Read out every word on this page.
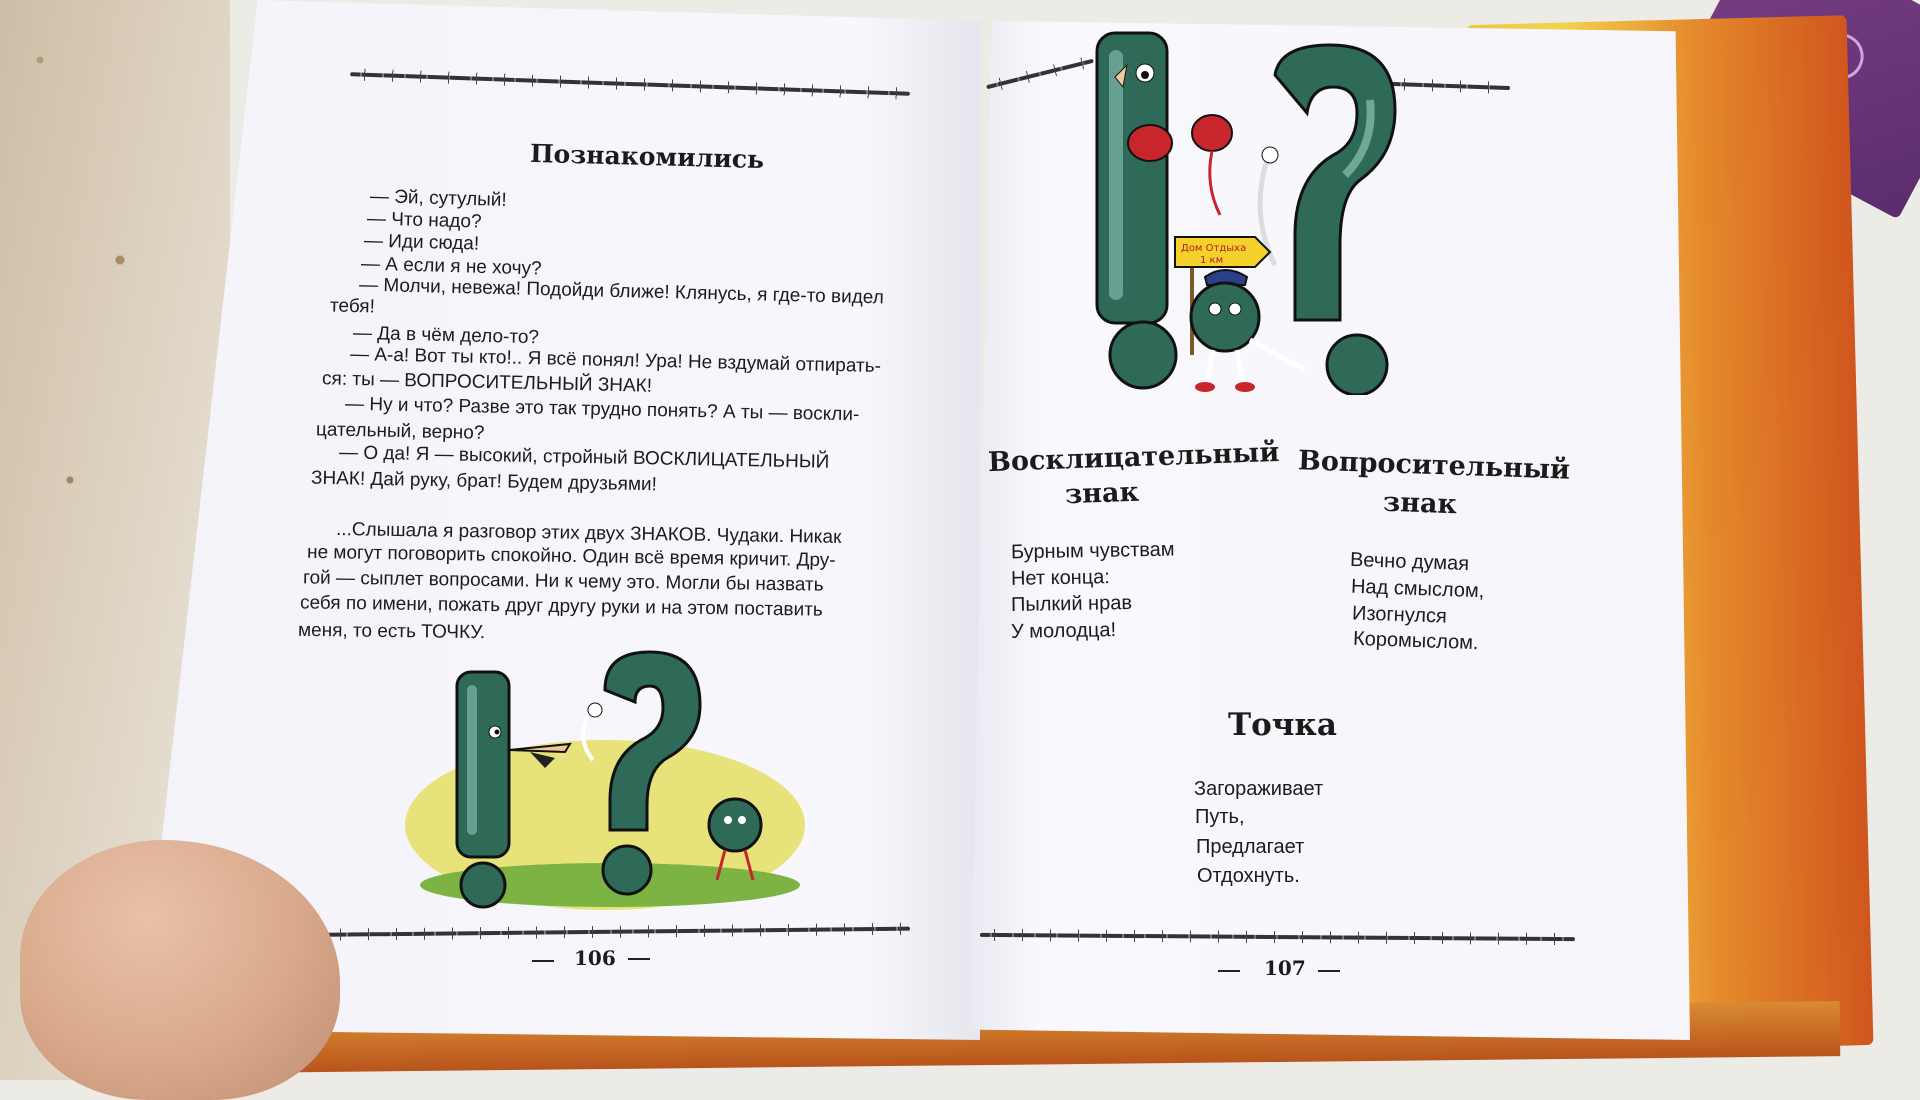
Познакомились
— Эй, сутулый!
— Что надо?
— Иди сюда!
— А если я не хочу?
— Молчи, невежа! Подойди ближе! Клянусь, я где-то видел
тебя!
— Да в чём дело-то?
— А-а! Вот ты кто!.. Я всё понял! Ура! Не вздумай отпирать-
ся: ты — ВОПРОСИТЕЛЬНЫЙ ЗНАК!
— Ну и что? Разве это так трудно понять? А ты — воскли-
цательный, верно?
— О да! Я — высокий, стройный ВОСКЛИЦАТЕЛЬНЫЙ
ЗНАК! Дай руку, брат! Будем друзьями!
...Слышала я разговор этих двух ЗНАКОВ. Чудаки. Никак
не могут поговорить спокойно. Один всё время кричит. Дру-
гой — сыплет вопросами. Ни к чему это. Могли бы назвать
себя по имени, пожать друг другу руки и на этом поставить
меня, то есть ТОЧКУ.
106
Дом Отдыха
1 км
Восклицательный
знак
Вопросительный
знак
Бурным чувствам
Нет конца:
Пылкий нрав
У молодца!
Вечно думая
Над смыслом,
Изогнулся
Коромыслом.
Точка
Загораживает
Путь,
Предлагает
Отдохнуть.
107
